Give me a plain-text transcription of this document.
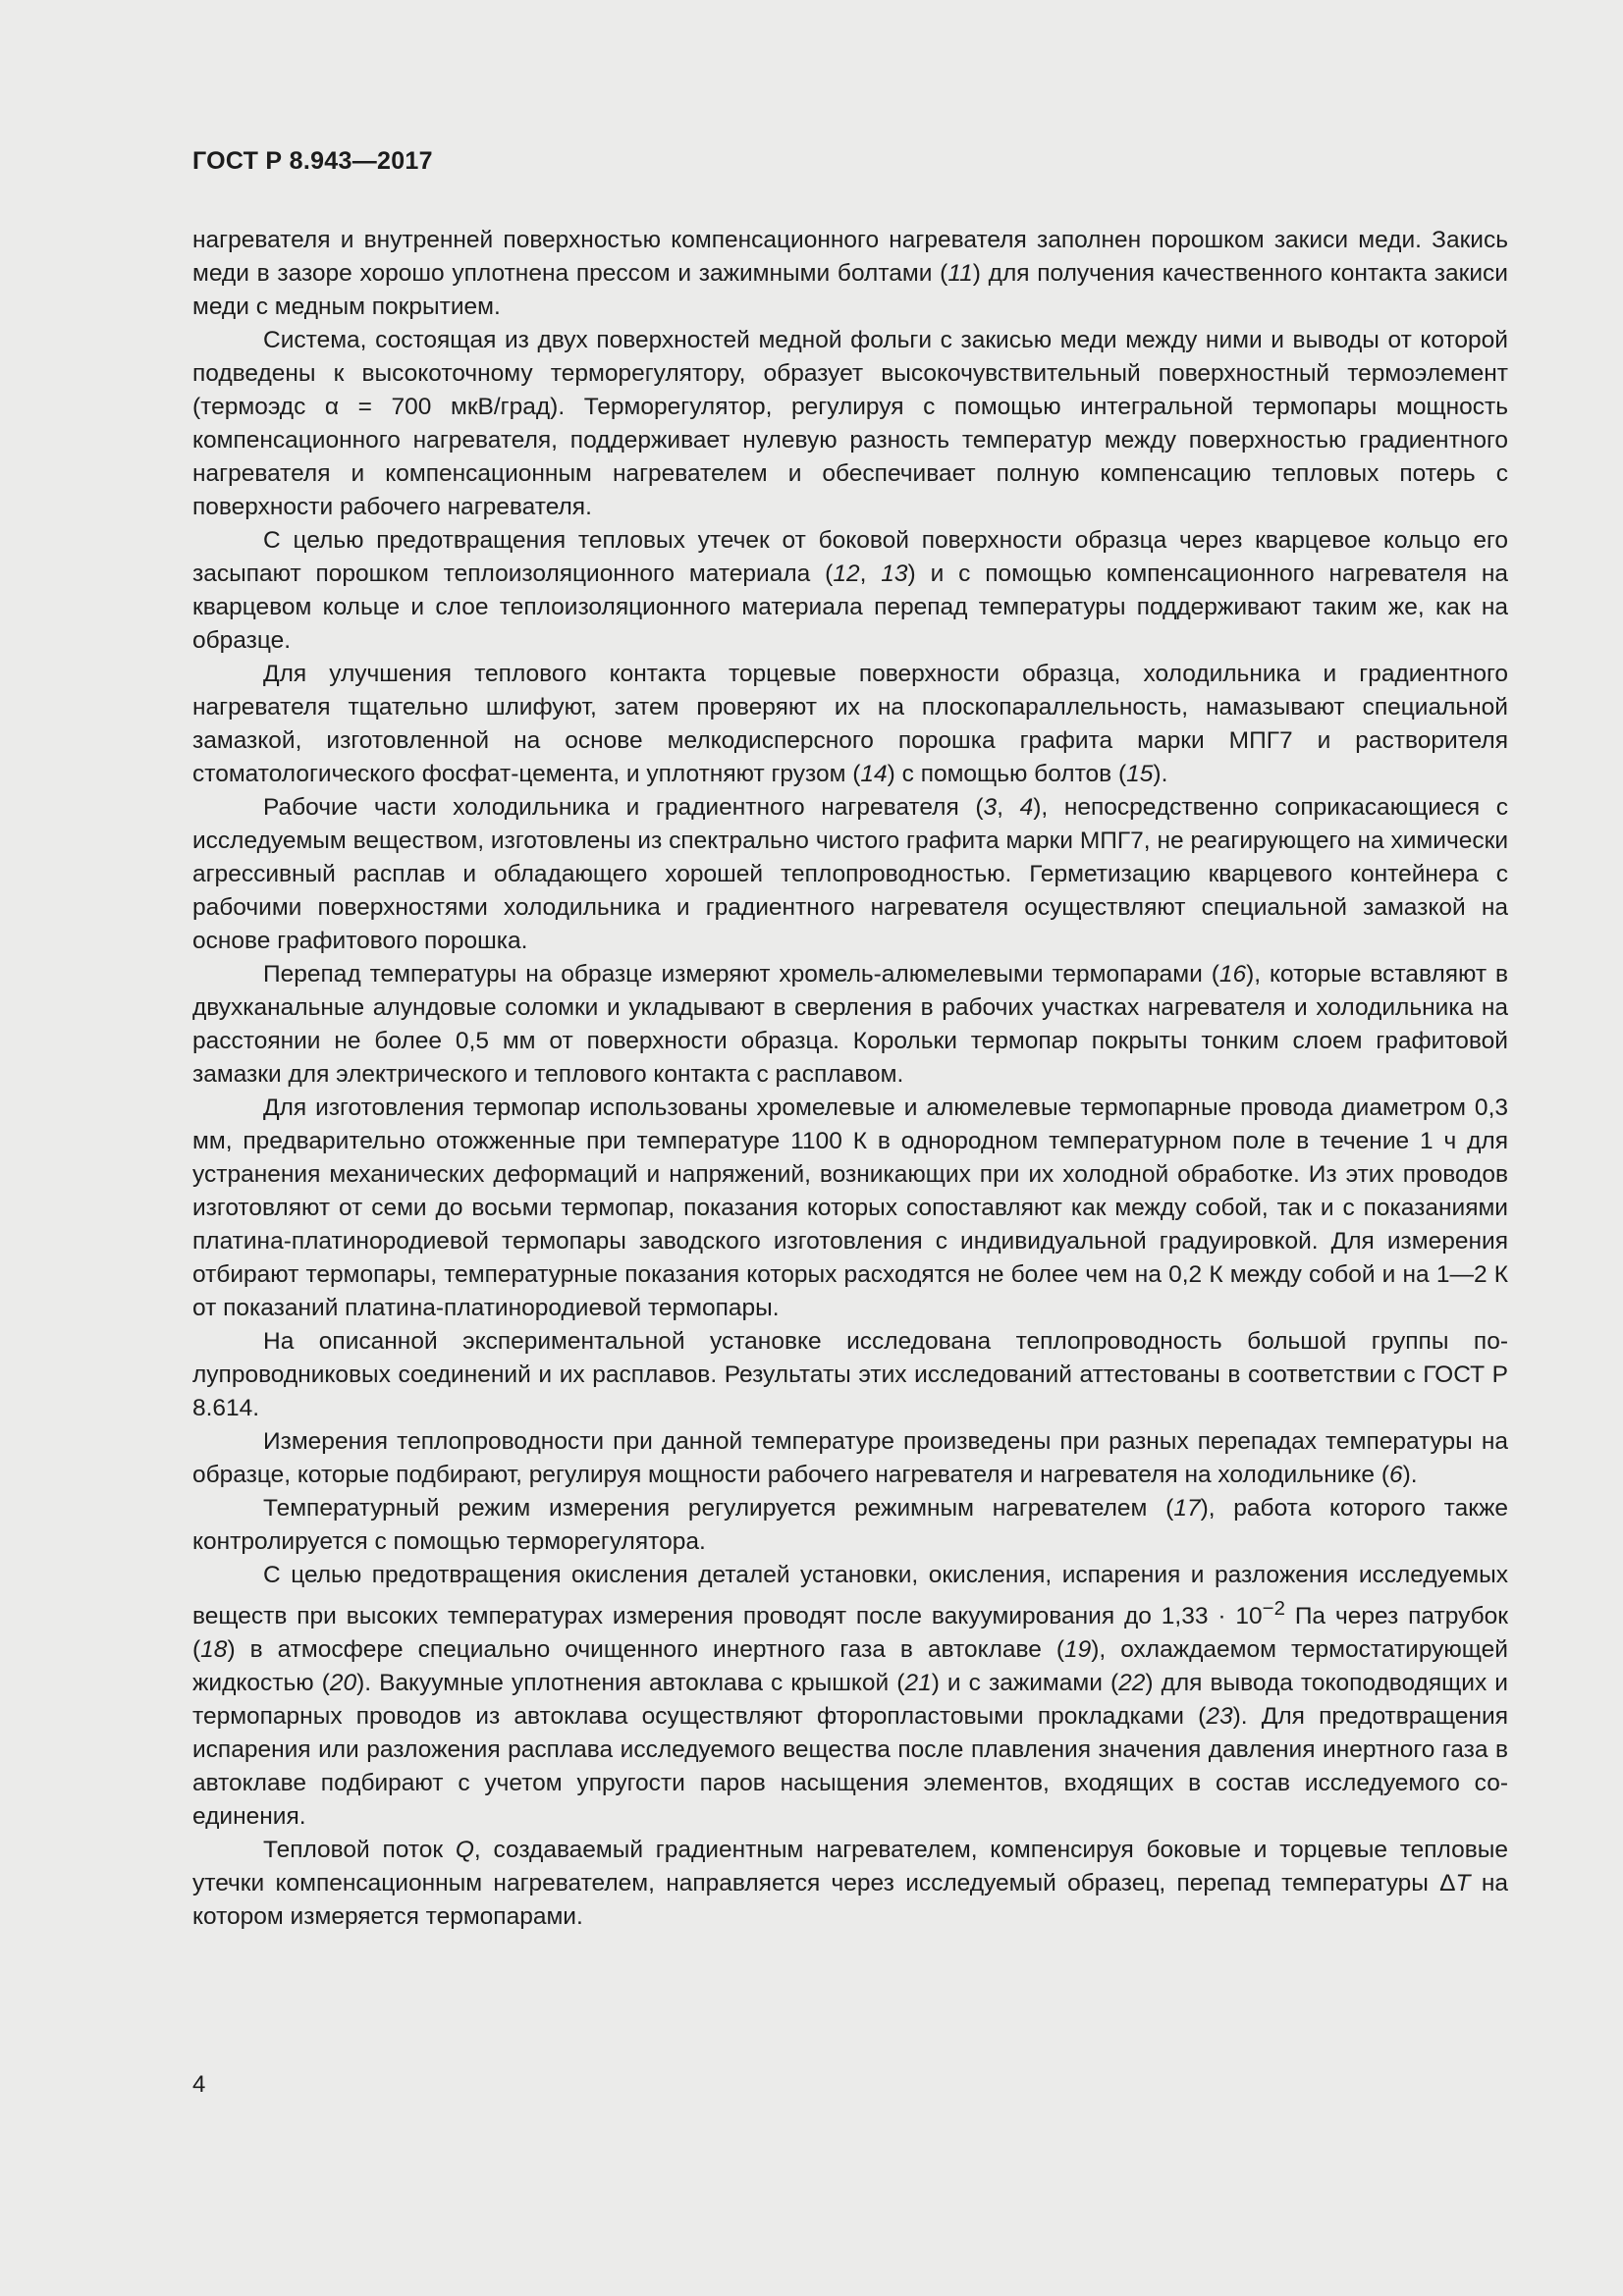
ГОСТ Р 8.943—2017

нагревателя и внутренней поверхностью компенсационного нагревателя заполнен порошком закиси меди. Закись меди в зазоре хорошо уплотнена прессом и зажимными болтами (11) для получения качественного контакта закиси меди с медным покрытием.

Система, состоящая из двух поверхностей медной фольги с закисью меди между ними и выводы от которой подведены к высокоточному терморегулятору, образует высокочувствительный поверхностный термоэлемент (термоэдс α = 700 мкВ/град). Терморегулятор, регулируя с помощью интегральной термопары мощность компенсационного нагревателя, поддерживает нулевую разность температур между поверхностью градиентного нагревателя и компенсационным нагревателем и обеспечивает полную компенсацию тепловых потерь с поверхности рабочего нагревателя.

С целью предотвращения тепловых утечек от боковой поверхности образца через кварцевое кольцо его засыпают порошком теплоизоляционного материала (12, 13) и с помощью компенсационного нагревателя на кварцевом кольце и слое теплоизоляционного материала перепад температуры поддерживают таким же, как на образце.

Для улучшения теплового контакта торцевые поверхности образца, холодильника и градиентного нагревателя тщательно шлифуют, затем проверяют их на плоскопараллельность, намазывают специальной замазкой, изготовленной на основе мелкодисперсного порошка графита марки МПГ7 и растворителя стоматологического фосфат-цемента, и уплотняют грузом (14) с помощью болтов (15).

Рабочие части холодильника и градиентного нагревателя (3, 4), непосредственно соприкасающиеся с исследуемым веществом, изготовлены из спектрально чистого графита марки МПГ7, не реагирующего на химически агрессивный расплав и обладающего хорошей теплопроводностью. Герметизацию кварцевого контейнера с рабочими поверхностями холодильника и градиентного нагревателя осуществляют специальной замазкой на основе графитового порошка.

Перепад температуры на образце измеряют хромель-алюмелевыми термопарами (16), которые вставляют в двухканальные алундовые соломки и укладывают в сверления в рабочих участках нагревателя и холодильника на расстоянии не более 0,5 мм от поверхности образца. Корольки термопар покрыты тонким слоем графитовой замазки для электрического и теплового контакта с расплавом.

Для изготовления термопар использованы хромелевые и алюмелевые термопарные провода диаметром 0,3 мм, предварительно отожженные при температуре 1100 К в однородном температурном поле в течение 1 ч для устранения механических деформаций и напряжений, возникающих при их холодной обработке. Из этих проводов изготовляют от семи до восьми термопар, показания которых сопоставляют как между собой, так и с показаниями платина-платинородиевой термопары заводского изготовления с индивидуальной градуировкой. Для измерения отбирают термопары, температурные показания которых расходятся не более чем на 0,2 К между собой и на 1—2 К от показаний платина-платинородиевой термопары.

На описанной экспериментальной установке исследована теплопроводность большой группы полупроводниковых соединений и их расплавов. Результаты этих исследований аттестованы в соответствии с ГОСТ Р 8.614.

Измерения теплопроводности при данной температуре произведены при разных перепадах температуры на образце, которые подбирают, регулируя мощности рабочего нагревателя и нагревателя на холодильнике (6).

Температурный режим измерения регулируется режимным нагревателем (17), работа которого также контролируется с помощью терморегулятора.

С целью предотвращения окисления деталей установки, окисления, испарения и разложения исследуемых веществ при высоких температурах измерения проводят после вакуумирования до $1,33 \cdot 10^{-2}$ Па через патрубок (18) в атмосфере специально очищенного инертного газа в автоклаве (19), охлаждаемом термостатирующей жидкостью (20). Вакуумные уплотнения автоклава с крышкой (21) и с зажимами (22) для вывода токоподводящих и термопарных проводов из автоклава осуществляют фторопластовыми прокладками (23). Для предотвращения испарения или разложения расплава исследуемого вещества после плавления значения давления инертного газа в автоклаве подбирают с учетом упругости паров насыщения элементов, входящих в состав исследуемого соединения.

Тепловой поток Q, создаваемый градиентным нагревателем, компенсируя боковые и торцевые тепловые утечки компенсационным нагревателем, направляется через исследуемый образец, перепад температуры ΔT на котором измеряется термопарами.

4
